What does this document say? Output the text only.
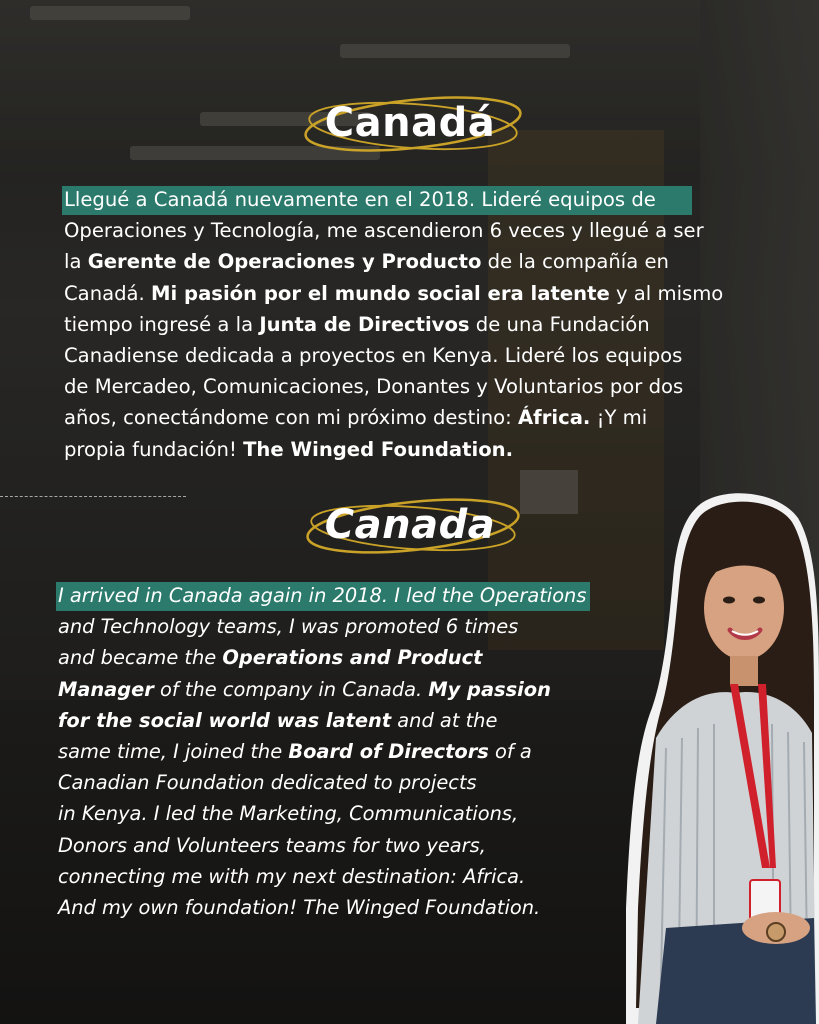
Canadá
Llegué a Canadá nuevamente en el 2018. Lideré equipos de
Operaciones y Tecnología, me ascendieron 6 veces y llegué a ser
la Gerente de Operaciones y Producto de la compañía en
Canadá. Mi pasión por el mundo social era latente y al mismo
tiempo ingresé a la Junta de Directivos de una Fundación
Canadiense dedicada a proyectos en Kenya. Lideré los equipos
de Mercadeo, Comunicaciones, Donantes y Voluntarios por dos
años, conectándome con mi próximo destino: África. ¡Y mi
propia fundación! The Winged Foundation.
Canada
I arrived in Canada again in 2018. I led the Operations
and Technology teams, I was promoted 6 times
and became the Operations and Product
Manager of the company in Canada. My passion
for the social world was latent and at the
same time, I joined the Board of Directors of a
Canadian Foundation dedicated to projects
in Kenya. I led the Marketing, Communications,
Donors and Volunteers teams for two years,
connecting me with my next destination: Africa.
And my own foundation! The Winged Foundation.
